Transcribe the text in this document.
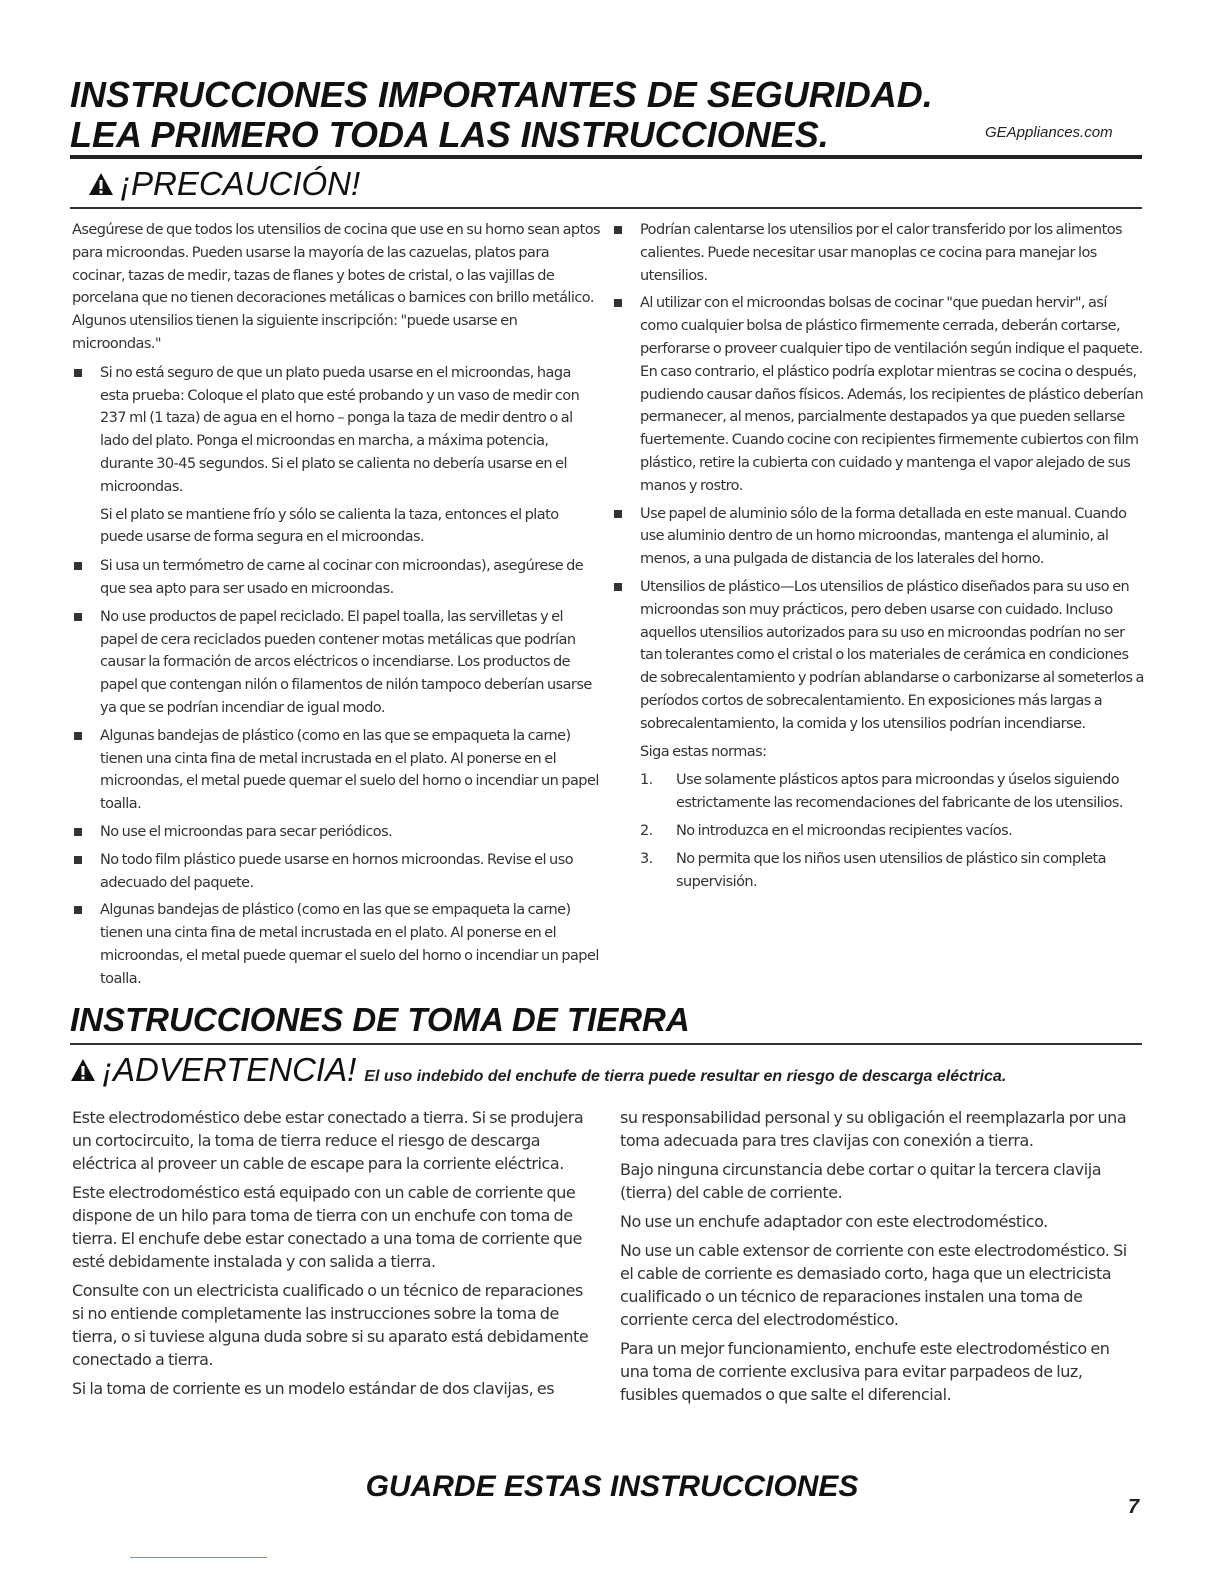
INSTRUCCIONES IMPORTANTES DE SEGURIDAD.
LEA PRIMERO TODA LAS INSTRUCCIONES.	GEAppliances.com
¡PRECAUCIÓN!

Asegúrese de que todos los utensilios de cocina que use en su horno sean aptos para microondas. Pueden usarse la mayoría de las cazuelas, platos para cocinar, tazas de medir, tazas de flanes y botes de cristal, o las vajillas de porcelana que no tienen decoraciones metálicas o barnices con brillo metálico. Algunos utensilios tienen la siguiente inscripción: "puede usarse en microondas."

Si no está seguro de que un plato pueda usarse en el microondas, haga esta prueba: Coloque el plato que esté probando y un vaso de medir con 237 ml (1 taza) de agua en el horno – ponga la taza de medir dentro o al lado del plato. Ponga el microondas en marcha, a máxima potencia, durante 30-45 segundos. Si el plato se calienta no debería usarse en el microondas.

Si el plato se mantiene frío y sólo se calienta la taza, entonces el plato puede usarse de forma segura en el microondas.

Si usa un termómetro de carne al cocinar con microondas), asegúrese de que sea apto para ser usado en microondas.
No use productos de papel reciclado. El papel toalla, las servilletas y el papel de cera reciclados pueden contener motas metálicas que podrían causar la formación de arcos eléctricos o incendiarse. Los productos de papel que contengan nilón o filamentos de nilón tampoco deberían usarse ya que se podrían incendiar de igual modo.
Algunas bandejas de plástico (como en las que se empaqueta la carne) tienen una cinta fina de metal incrustada en el plato. Al ponerse en el microondas, el metal puede quemar el suelo del horno o incendiar un papel toalla.
No use el microondas para secar periódicos.
No todo film plástico puede usarse en hornos microondas. Revise el uso adecuado del paquete.
Algunas bandejas de plástico (como en las que se empaqueta la carne) tienen una cinta fina de metal incrustada en el plato. Al ponerse en el microondas, el metal puede quemar el suelo del horno o incendiar un papel toalla.
Podrían calentarse los utensilios por el calor transferido por los alimentos calientes. Puede necesitar usar manoplas ce cocina para manejar los utensilios.
Al utilizar con el microondas bolsas de cocinar "que puedan hervir", así como cualquier bolsa de plástico firmemente cerrada, deberán cortarse, perforarse o proveer cualquier tipo de ventilación según indique el paquete. En caso contrario, el plástico podría explotar mientras se cocina o después, pudiendo causar daños físicos. Además, los recipientes de plástico deberían permanecer, al menos, parcialmente destapados ya que pueden sellarse fuertemente. Cuando cocine con recipientes firmemente cubiertos con film plástico, retire la cubierta con cuidado y mantenga el vapor alejado de sus manos y rostro.
Use papel de aluminio sólo de la forma detallada en este manual. Cuando use aluminio dentro de un horno microondas, mantenga el aluminio, al menos, a una pulgada de distancia de los laterales del horno.
Utensilios de plástico—Los utensilios de plástico diseñados para su uso en microondas son muy prácticos, pero deben usarse con cuidado. Incluso aquellos utensilios autorizados para su uso en microondas podrían no ser tan tolerantes como el cristal o los materiales de cerámica en condiciones de sobrecalentamiento y podrían ablandarse o carbonizarse al someterlos a períodos cortos de sobrecalentamiento. En exposiciones más largas a sobrecalentamiento, la comida y los utensilios podrían incendiarse.

Siga estas normas:

1. Use solamente plásticos aptos para microondas y úselos siguiendo estrictamente las recomendaciones del fabricante de los utensilios.
2. No introduzca en el microondas recipientes vacíos.
3. No permita que los niños usen utensilios de plástico sin completa supervisión.
INSTRUCCIONES DE TOMA DE TIERRA
¡ADVERTENCIA! El uso indebido del enchufe de tierra puede resultar en riesgo de descarga eléctrica.

Este electrodoméstico debe estar conectado a tierra. Si se produjera un cortocircuito, la toma de tierra reduce el riesgo de descarga eléctrica al proveer un cable de escape para la corriente eléctrica.

Este electrodoméstico está equipado con un cable de corriente que dispone de un hilo para toma de tierra con un enchufe con toma de tierra. El enchufe debe estar conectado a una toma de corriente que esté debidamente instalada y con salida a tierra.

Consulte con un electricista cualificado o un técnico de reparaciones si no entiende completamente las instrucciones sobre la toma de tierra, o si tuviese alguna duda sobre si su aparato está debidamente conectado a tierra.

Si la toma de corriente es un modelo estándar de dos clavijas, es

su responsabilidad personal y su obligación el reemplazarla por una toma adecuada para tres clavijas con conexión a tierra.

Bajo ninguna circunstancia debe cortar o quitar la tercera clavija (tierra) del cable de corriente.

No use un enchufe adaptador con este electrodoméstico.

No use un cable extensor de corriente con este electrodoméstico. Si el cable de corriente es demasiado corto, haga que un electricista cualificado o un técnico de reparaciones instalen una toma de corriente cerca del electrodoméstico.

Para un mejor funcionamiento, enchufe este electrodoméstico en una toma de corriente exclusiva para evitar parpadeos de luz, fusibles quemados o que salte el diferencial.

GUARDE ESTAS INSTRUCCIONES
7
